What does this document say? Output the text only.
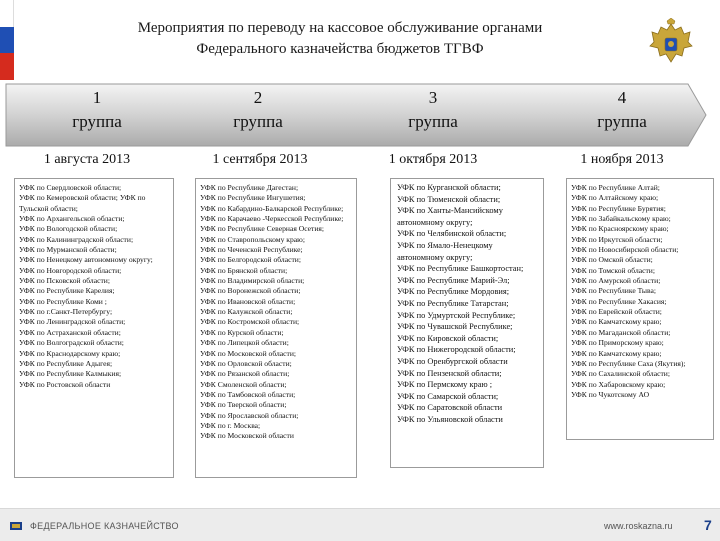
Мероприятия по переводу на кассовое обслуживание органами
Федерального казначейства бюджетов ТГВФ
1
группа
2
группа
3
группа
4
группа
1 августа 2013	1 сентября 2013	1 октября 2013	1 ноября 2013
УФК по Свердловской области;
УФК по Кемеровской области; УФК по Тульской области;
УФК по Архангельской области;
УФК по Вологодской области;
УФК по Калининградской области;
УФК по Мурманской области;
УФК по Ненецкому автономному округу;
УФК по Новгородской области;
УФК по Псковской области;
УФК по Республике Карелия;
УФК по Республике Коми ;
УФК по г.Санкт-Петербургу;
УФК по Ленинградской области;
УФК по Астраханской области;
УФК по Волгоградской области;
УФК по Краснодарскому краю;
УФК по Республике Адыгея;
УФК по Республике Калмыкия;
УФК по Ростовской области
УФК по Республике Дагестан;
УФК по Республике Ингушетия;
УФК по Кабардино-Балкарской Республике;
УФК по Карачаево -Черкесской Республике;
УФК по Республике Северная Осетия;
УФК по Ставропольскому краю;
УФК по Чеченской Республике;
УФК по Белгородской области;
УФК по Брянской области;
УФК по Владимирской области;
УФК по Воронежской области;
УФК по Ивановской области;
УФК по Калужской области;
УФК по Костромской области;
УФК по Курской области;
УФК по Липецкой области;
УФК по Московской области;
УФК по Орловской области;
УФК по Рязанской области;
УФК Смоленской области;
УФК по Тамбовской области;
УФК по Тверской области;
УФК по Ярославской области;
УФК по г. Москва;
УФК по Московской области
УФК по Курганской области;
УФК по Тюменской области;
УФК по Ханты-Мансийскому автономному округу;
УФК по Челябинской области;
УФК по Ямало-Ненецкому автономному округу;
УФК по Республике Башкортостан;
УФК по Республике Марий-Эл;
УФК по Республике Мордовия;
УФК по Республике Татарстан;
УФК по Удмуртской Республике;
УФК по Чувашской Республике;
УФК по Кировской области;
УФК по Нижегородской области;
УФК по Оренбургской области
УФК по Пензенской области;
УФК по Пермскому краю ;
УФК по Самарской области;
УФК по Саратовской области
УФК по Ульяновской области
УФК по Республике Алтай;
УФК по Алтайскому краю;
УФК по Республике Бурятия;
УФК по Забайкальскому краю;
УФК по Красноярскому краю;
УФК по Иркутской области;
УФК по Новосибирской области;
УФК по Омской области;
УФК по Томской области;
УФК по Амурской области;
УФК по Республике Тыва;
УФК по Республике Хакасия;
УФК по Еврейской области;
УФК по Камчатскому краю;
УФК по Магаданской области;
УФК по Приморскому краю;
УФК по Камчатскому краю;
УФК по Республике Саха (Якутия);
УФК по Сахалинской области;
УФК по Хабаровскому краю;
УФК по Чукотскому АО
ФЕДЕРАЛЬНОЕ КАЗНАЧЕЙСТВО	www.roskazna.ru 7
